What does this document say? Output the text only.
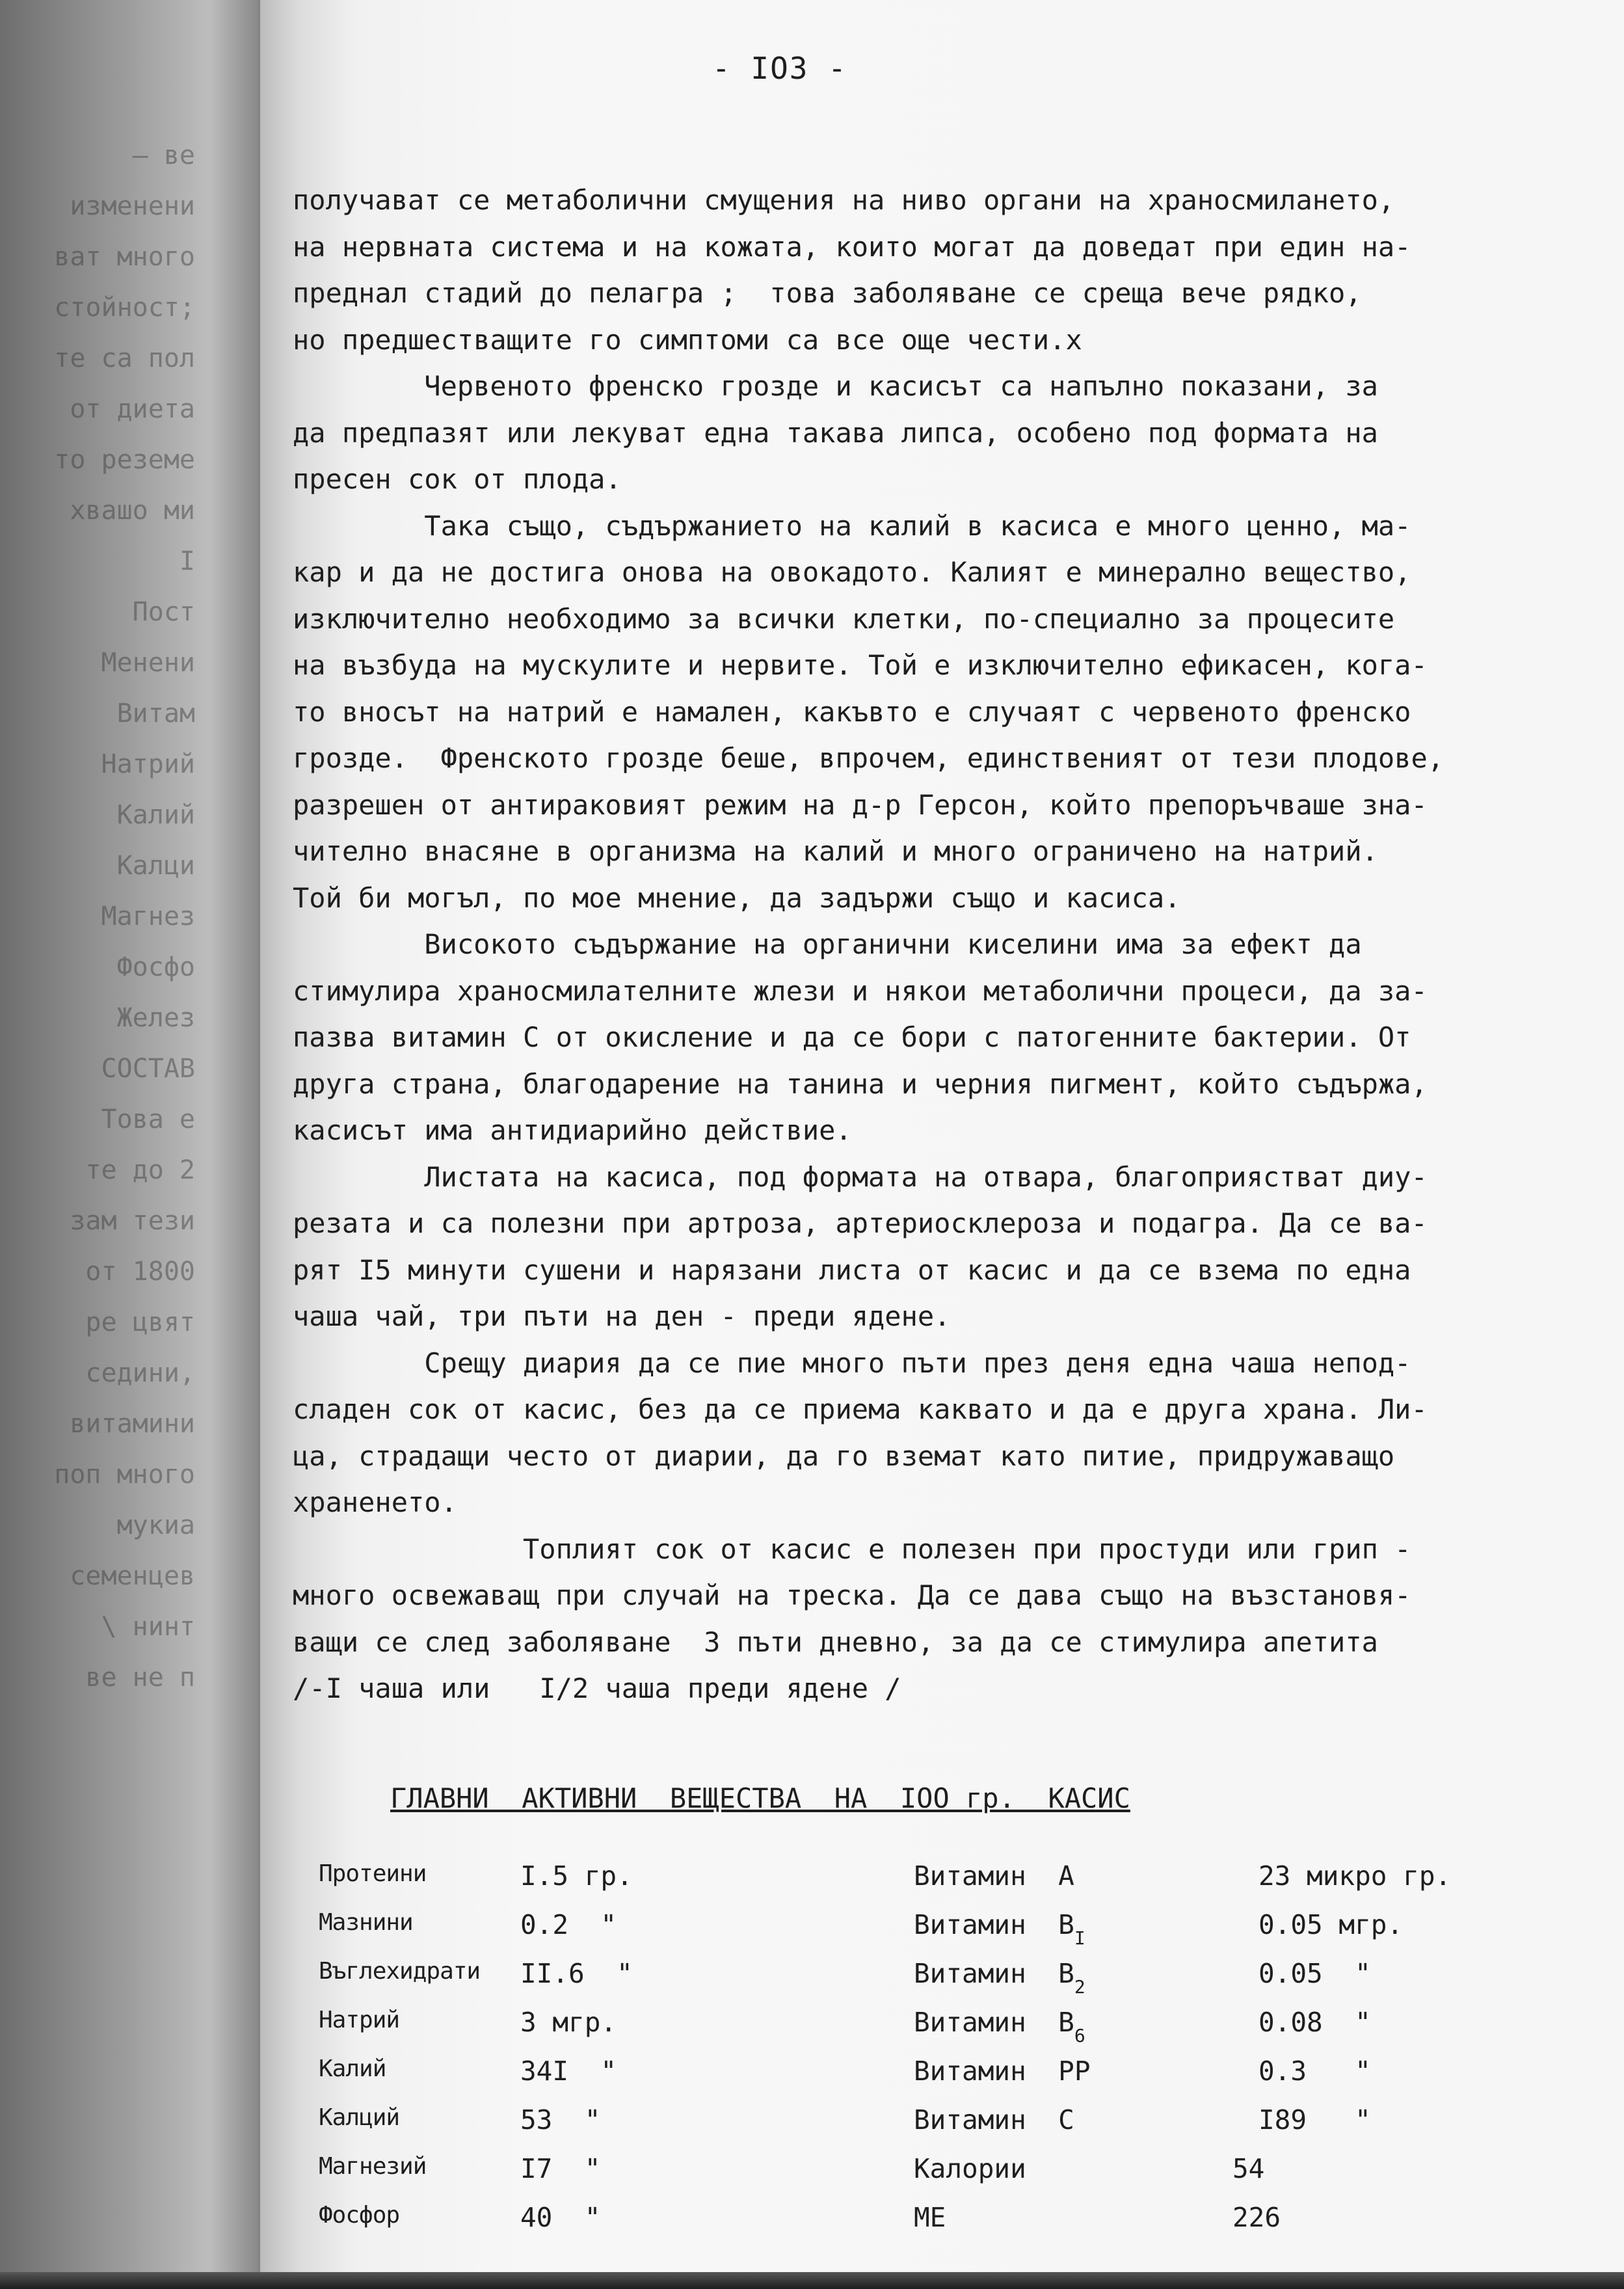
– ве
изменени
ват много
стойност;
те са пол
от диета
то реземе
хвашо ми
I
Пост
Менени
Витам
Натрий
Калий
Калци
Магнез
Фосфо
Желез
СОСТАВ
Това е
те до 2
зам тези
от 1800
ре цвят
седини,
витамини
поп много
мукиа
семенцев
\ нинт
ве не п
- IO3 -
получават се метаболични смущения на ниво органи на храносмилането,
на нервната система и на кожата, които могат да доведат при един на-
преднал стадий до пелагра ;  това заболяване се среща вече рядко,
но предшестващите го симптоми са все още чести.х
Червеното френско грозде и касисът са напълно показани, за
да предпазят или лекуват една такава липса, особено под формата на
пресен сок от плода.
Така също, съдържанието на калий в касиса е много ценно, ма-
кар и да не достига онова на овокадото. Калият е минерално вещество,
изключително необходимо за всички клетки, по-специално за процесите
на възбуда на мускулите и нервите. Той е изключително ефикасен, кога-
то вносът на натрий е намален, какъвто е случаят с червеното френско
грозде.  Френското грозде беше, впрочем, единственият от тези плодове,
разрешен от антираковият режим на д-р Герсон, който препоръчваше зна-
чително внасяне в организма на калий и много ограничено на натрий.
Той би могъл, по мое мнение, да задържи също и касиса.
Високото съдържание на органични киселини има за ефект да
стимулира храносмилателните жлези и някои метаболични процеси, да за-
пазва витамин С от окисление и да се бори с патогенните бактерии. От
друга страна, благодарение на танина и черния пигмент, който съдържа,
касисът има антидиарийно действие.
Листата на касиса, под формата на отвара, благоприястват диу-
резата и са полезни при артроза, артериосклероза и подагра. Да се ва-
рят I5 минути сушени и нарязани листа от касис и да се взема по една
чаша чай, три пъти на ден - преди ядене.
Срещу диария да се пие много пъти през деня една чаша непод-
сладен сок от касис, без да се приема каквато и да е друга храна. Ли-
ца, страдащи често от диарии, да го вземат като питие, придружаващо
храненето.
Топлият сок от касис е полезен при простуди или грип -
много освежаващ при случай на треска. Да се дава също на възстановя-
ващи се след заболяване  3 пъти дневно, за да се стимулира апетита
/-I чаша или   I/2 чаша преди ядене /
ГЛАВНИ  АКТИВНИ  ВЕЩЕСТВА  НА  IOO гр.  КАСИС
Протеини	I.5 гр.	Витамин  А	23 микро гр.
Мазнини	0.2  "	Витамин  $В_I$	0.05 мгр.
Въглехидрати II.6  "	Витамин  $В_2$	0.05  "
Натрий	3 мгр.	Витамин  $В_6$	0.08  "
Калий	34I  "	Витамин  PP	0.3   "
Калций	53  "	Витамин  С	I89   "
Магнезий	I7  "	Калории	54
Фосфор	40  "	МЕ	226
